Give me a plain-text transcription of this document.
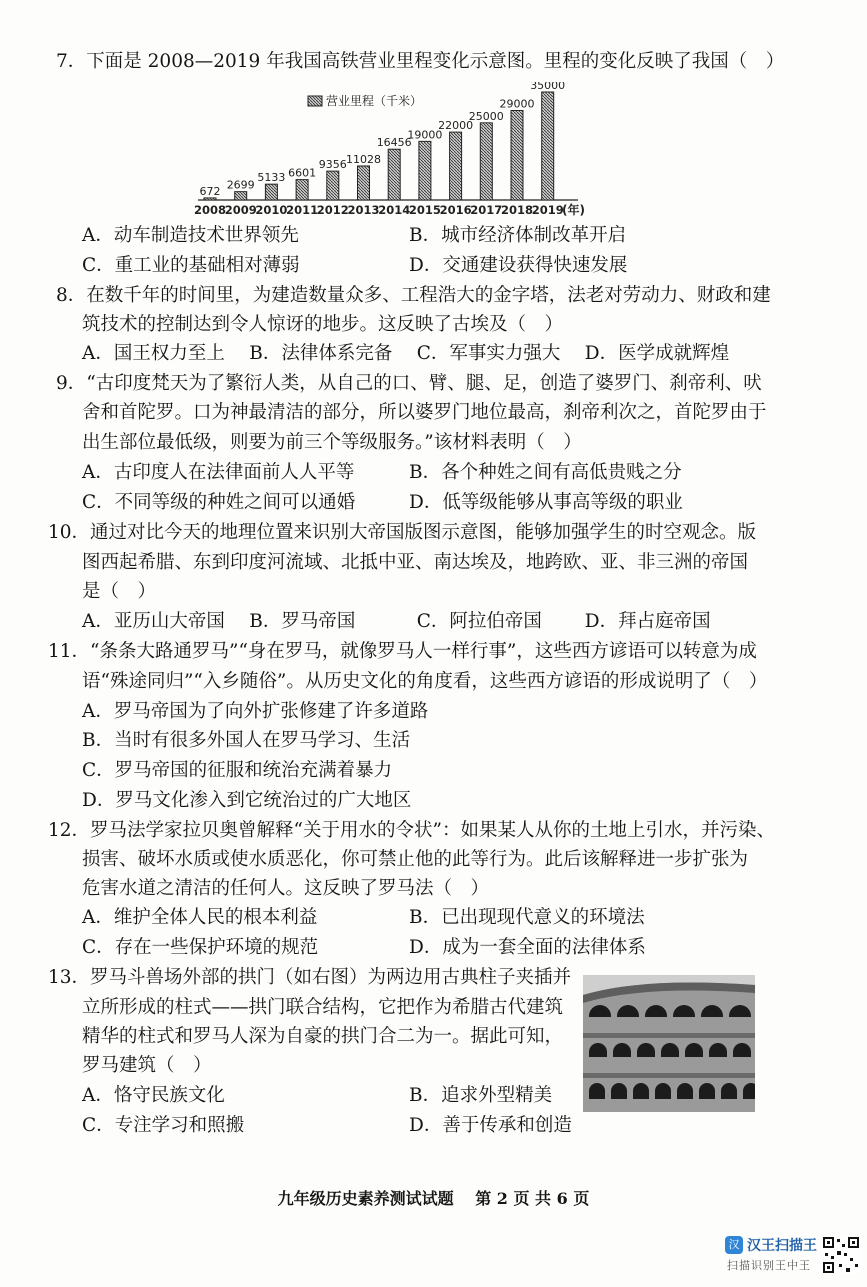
7．下面是 2008—2019 年我国高铁营业里程变化示意图。里程的变化反映了我国（　）
营业里程（千米）
672
2008
2699
2009
5133
2010
6601
2011
9356
2012
11028
2013
16456
2014
19000
2015
22000
2016
25000
2017
29000
2018
35000
2019
(年)
A．动车制造技术世界领先	B．城市经济体制改革开启
C．重工业的基础相对薄弱	D．交通建设获得快速发展
8．在数千年的时间里，为建造数量众多、工程浩大的金字塔，法老对劳动力、财政和建
筑技术的控制达到令人惊讶的地步。这反映了古埃及（　）
A．国王权力至上　 B．法律体系完备　 C．军事实力强大　 D．医学成就辉煌
9．“古印度梵天为了繁衍人类，从自己的口、臂、腿、足，创造了婆罗门、刹帝利、吠
舍和首陀罗。口为神最清洁的部分，所以婆罗门地位最高，刹帝利次之，首陀罗由于
出生部位最低级，则要为前三个等级服务。”该材料表明（　）
A．古印度人在法律面前人人平等	B．各个种姓之间有高低贵贱之分
C．不同等级的种姓之间可以通婚	D．低等级能够从事高等级的职业
10．通过对比今天的地理位置来识别大帝国版图示意图，能够加强学生的时空观念。版
图西起希腊、东到印度河流域、北抵中亚、南达埃及，地跨欧、亚、非三洲的帝国
是（　）
A．亚历山大帝国　 B．罗马帝国　　　 C．阿拉伯帝国　　 D．拜占庭帝国
11．“条条大路通罗马”“身在罗马，就像罗马人一样行事”，这些西方谚语可以转意为成
语“殊途同归”“入乡随俗”。从历史文化的角度看，这些西方谚语的形成说明了（　）
A．罗马帝国为了向外扩张修建了许多道路
B．当时有很多外国人在罗马学习、生活
C．罗马帝国的征服和统治充满着暴力
D．罗马文化渗入到它统治过的广大地区
12．罗马法学家拉贝奥曾解释“关于用水的令状”：如果某人从你的土地上引水，并污染、
损害、破坏水质或使水质恶化，你可禁止他的此等行为。此后该解释进一步扩张为
危害水道之清洁的任何人。这反映了罗马法（　）
A．维护全体人民的根本利益	B．已出现现代意义的环境法
C．存在一些保护环境的规范	D．成为一套全面的法律体系
13．罗马斗兽场外部的拱门（如右图）为两边用古典柱子夹插并
立所形成的柱式——拱门联合结构，它把作为希腊古代建筑
精华的柱式和罗马人深为自豪的拱门合二为一。据此可知，
罗马建筑（　）
A．恪守民族文化	B．追求外型精美
C．专注学习和照搬	D．善于传承和创造
九年级历史素养测试试题　 第 2 页 共 6 页
汉 汉王扫描王
扫描识别王中王
